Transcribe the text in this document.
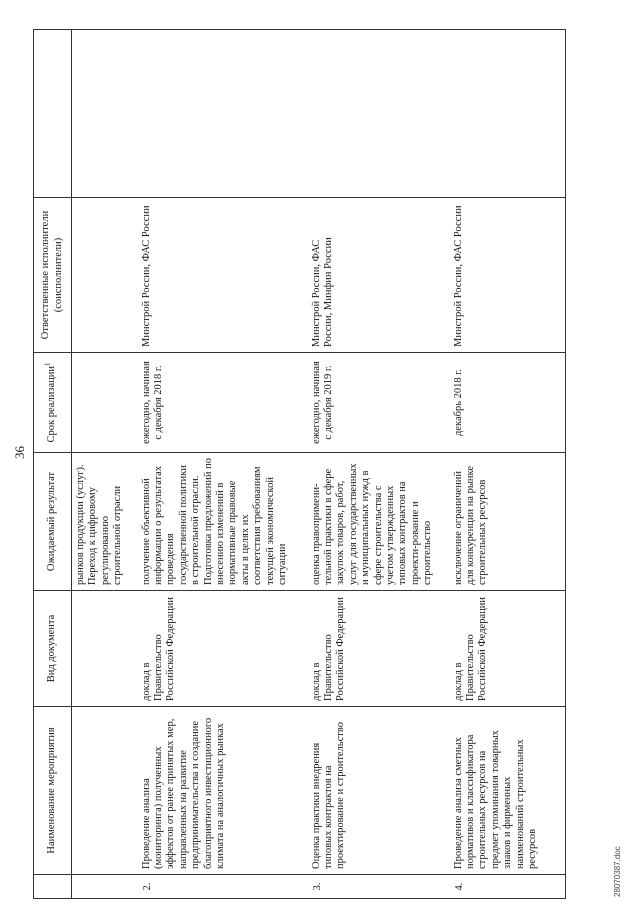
36
	Наименование мероприятия	Вид документа	Ожидаемый результат	Срок реализации$^1$	Ответственные исполнители (соисполнители)	
			рынков продукции (услуг). Переход к цифровому регулированию строительной отрасли			
2.	Проведение анализа (мониторинга) полученных эффектов от ранее принятых мер, направленных на развитие предпринимательства и создание благоприятного инвестиционного климата на аналогичных рынках	доклад в Правительство Российской Федерации	получение объективной информации о результатах проведения государственной политики в строительной отрасли. Подготовка предложений по внесению изменений в нормативные правовые акты в целях их соответствия требованиям текущей экономической ситуации	ежегодно, начиная с декабря 2018 г.	Минстрой России, ФАС России	
3.	Оценка практики внедрения типовых контрактов на проектирование и строительство	доклад в Правительство Российской Федерации	оценка правопримени-тельной практики в сфере закупок товаров, работ, услуг для государственных и муниципальных нужд в сфере строительства с учетом утвержденных типовых контрактов на проекти-рование и строительство	ежегодно, начиная с декабря 2019 г.	Минстрой России, ФАС России, Минфин России	
4.	Проведение анализа сметных нормативов и классификатора строительных ресурсов на предмет упоминания товарных знаков и фирменных наименований строительных ресурсов	доклад в Правительство Российской Федерации	исключение ограничений для конкуренции на рынке строительных ресурсов	декабрь 2018 г.	Минстрой России, ФАС России	
28070387.doc
